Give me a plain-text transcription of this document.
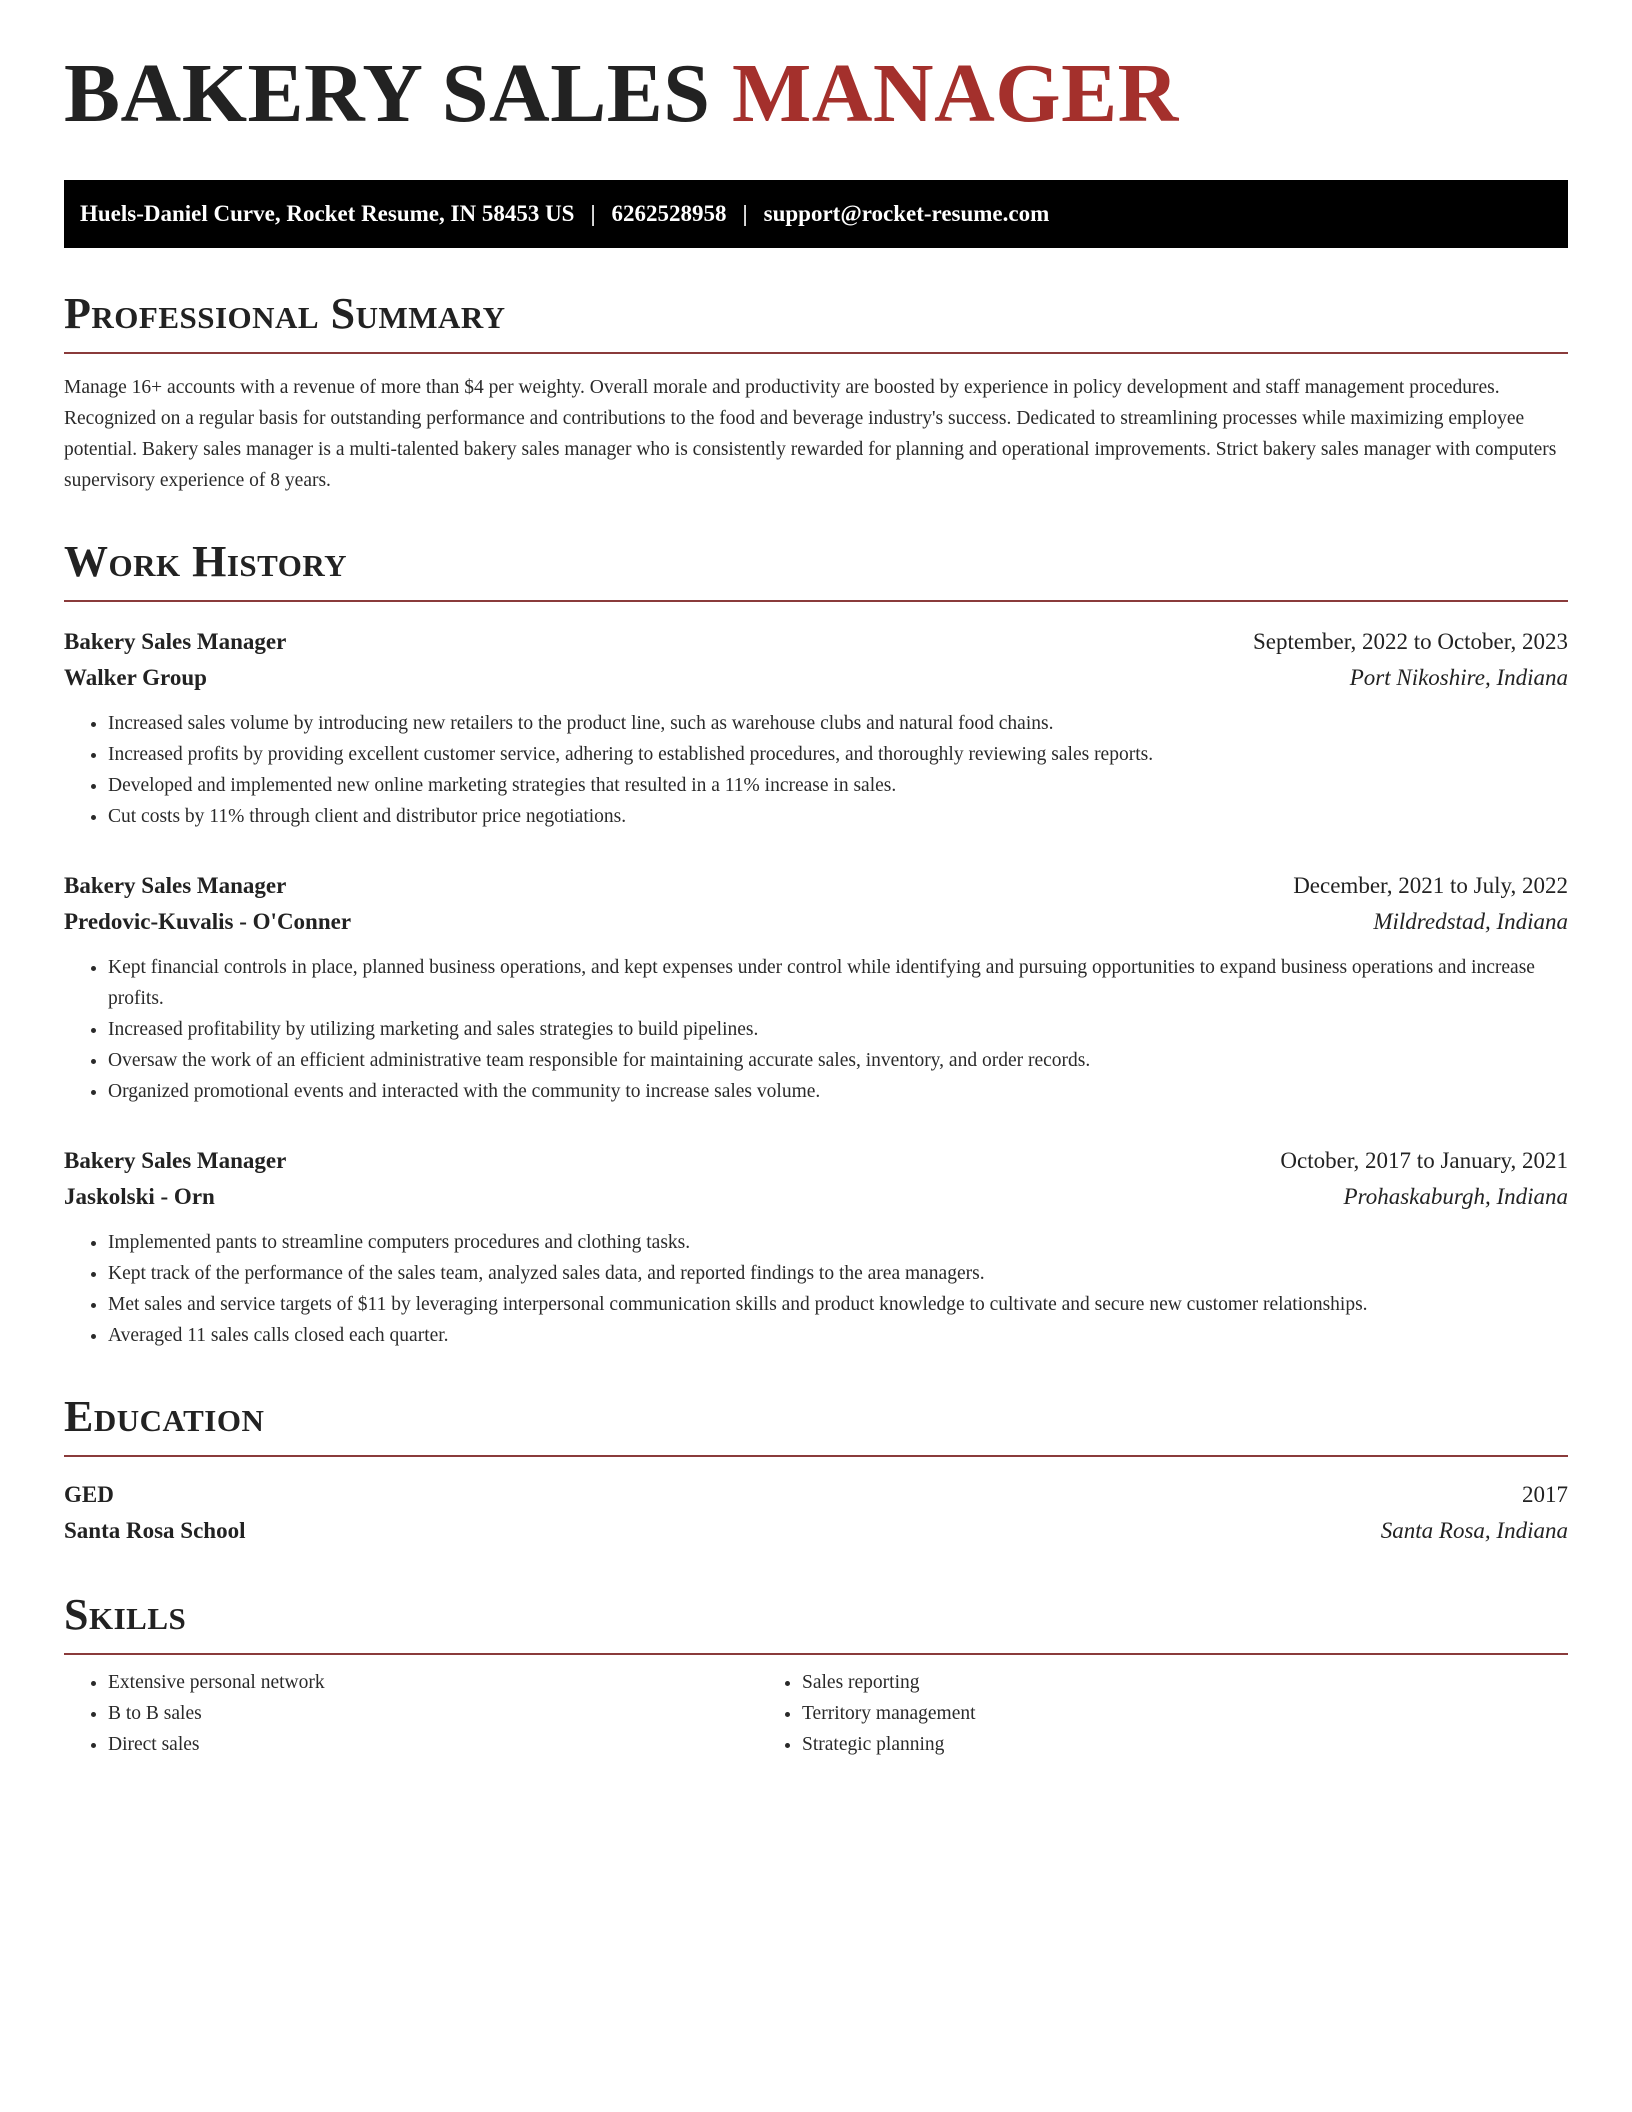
BAKERY SALES MANAGER
Huels-Daniel Curve, Rocket Resume, IN 58453 US | 6262528958 | support@rocket-resume.com
Professional Summary

Manage 16+ accounts with a revenue of more than $4 per weighty. Overall morale and productivity are boosted by experience in policy development and staff management procedures. Recognized on a regular basis for outstanding performance and contributions to the food and beverage industry's success. Dedicated to streamlining processes while maximizing employee potential. Bakery sales manager is a multi-talented bakery sales manager who is consistently rewarded for planning and operational improvements. Strict bakery sales manager with computers supervisory experience of 8 years.

Work History
Bakery Sales Manager	September, 2022 to October, 2023
Walker Group	Port Nikoshire, Indiana
• Increased sales volume by introducing new retailers to the product line, such as warehouse clubs and natural food chains.
• Increased profits by providing excellent customer service, adhering to established procedures, and thoroughly reviewing sales reports.
• Developed and implemented new online marketing strategies that resulted in a 11% increase in sales.
• Cut costs by 11% through client and distributor price negotiations.
Bakery Sales Manager	December, 2021 to July, 2022
Predovic-Kuvalis - O'Conner	Mildredstad, Indiana
• Kept financial controls in place, planned business operations, and kept expenses under control while identifying and pursuing opportunities to expand business operations and increase profits.
• Increased profitability by utilizing marketing and sales strategies to build pipelines.
• Oversaw the work of an efficient administrative team responsible for maintaining accurate sales, inventory, and order records.
• Organized promotional events and interacted with the community to increase sales volume.
Bakery Sales Manager	October, 2017 to January, 2021
Jaskolski - Orn	Prohaskaburgh, Indiana
• Implemented pants to streamline computers procedures and clothing tasks.
• Kept track of the performance of the sales team, analyzed sales data, and reported findings to the area managers.
• Met sales and service targets of $11 by leveraging interpersonal communication skills and product knowledge to cultivate and secure new customer relationships.
• Averaged 11 sales calls closed each quarter.
Education
GED	2017
Santa Rosa School	Santa Rosa, Indiana
Skills
• Extensive personal network
• B to B sales
• Direct sales
• Sales reporting
• Territory management
• Strategic planning
